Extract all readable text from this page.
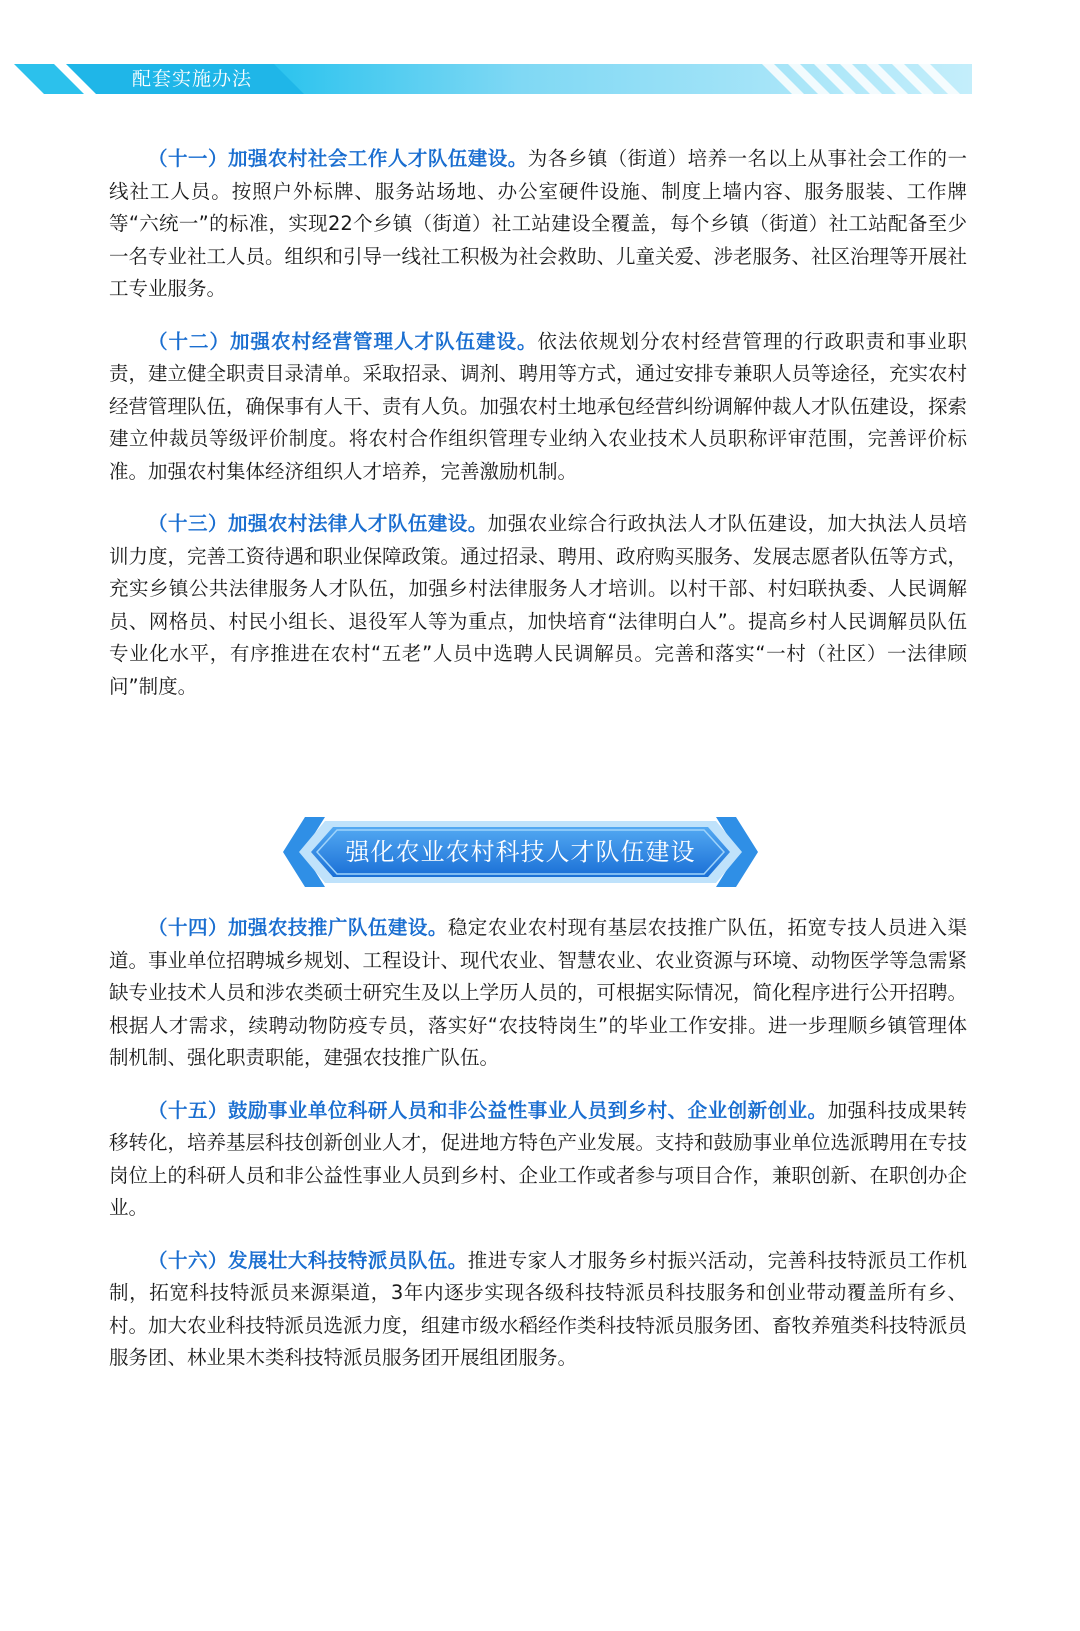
配套实施办法

（十一）加强农村社会工作人才队伍建设。为各乡镇（街道）培养一名以上从事社会工作的一线社工人员。按照户外标牌、服务站场地、办公室硬件设施、制度上墙内容、服务服装、工作牌等“六统一”的标准，实现22个乡镇（街道）社工站建设全覆盖，每个乡镇（街道）社工站配备至少一名专业社工人员。组织和引导一线社工积极为社会救助、儿童关爱、涉老服务、社区治理等开展社工专业服务。

（十二）加强农村经营管理人才队伍建设。依法依规划分农村经营管理的行政职责和事业职责，建立健全职责目录清单。采取招录、调剂、聘用等方式，通过安排专兼职人员等途径，充实农村经营管理队伍，确保事有人干、责有人负。加强农村土地承包经营纠纷调解仲裁人才队伍建设，探索建立仲裁员等级评价制度。将农村合作组织管理专业纳入农业技术人员职称评审范围，完善评价标准。加强农村集体经济组织人才培养，完善激励机制。

（十三）加强农村法律人才队伍建设。加强农业综合行政执法人才队伍建设，加大执法人员培训力度，完善工资待遇和职业保障政策。通过招录、聘用、政府购买服务、发展志愿者队伍等方式，充实乡镇公共法律服务人才队伍，加强乡村法律服务人才培训。以村干部、村妇联执委、人民调解员、网格员、村民小组长、退役军人等为重点，加快培育“法律明白人”。提高乡村人民调解员队伍专业化水平，有序推进在农村“五老”人员中选聘人民调解员。完善和落实“一村（社区）一法律顾问”制度。

强化农业农村科技人才队伍建设

（十四）加强农技推广队伍建设。稳定农业农村现有基层农技推广队伍，拓宽专技人员进入渠道。事业单位招聘城乡规划、工程设计、现代农业、智慧农业、农业资源与环境、动物医学等急需紧缺专业技术人员和涉农类硕士研究生及以上学历人员的，可根据实际情况，简化程序进行公开招聘。根据人才需求，续聘动物防疫专员，落实好“农技特岗生”的毕业工作安排。进一步理顺乡镇管理体制机制、强化职责职能，建强农技推广队伍。

（十五）鼓励事业单位科研人员和非公益性事业人员到乡村、企业创新创业。加强科技成果转移转化，培养基层科技创新创业人才，促进地方特色产业发展。支持和鼓励事业单位选派聘用在专技岗位上的科研人员和非公益性事业人员到乡村、企业工作或者参与项目合作，兼职创新、在职创办企业。

（十六）发展壮大科技特派员队伍。推进专家人才服务乡村振兴活动，完善科技特派员工作机制，拓宽科技特派员来源渠道，3年内逐步实现各级科技特派员科技服务和创业带动覆盖所有乡、村。加大农业科技特派员选派力度，组建市级水稻经作类科技特派员服务团、畜牧养殖类科技特派员服务团、林业果木类科技特派员服务团开展组团服务。
